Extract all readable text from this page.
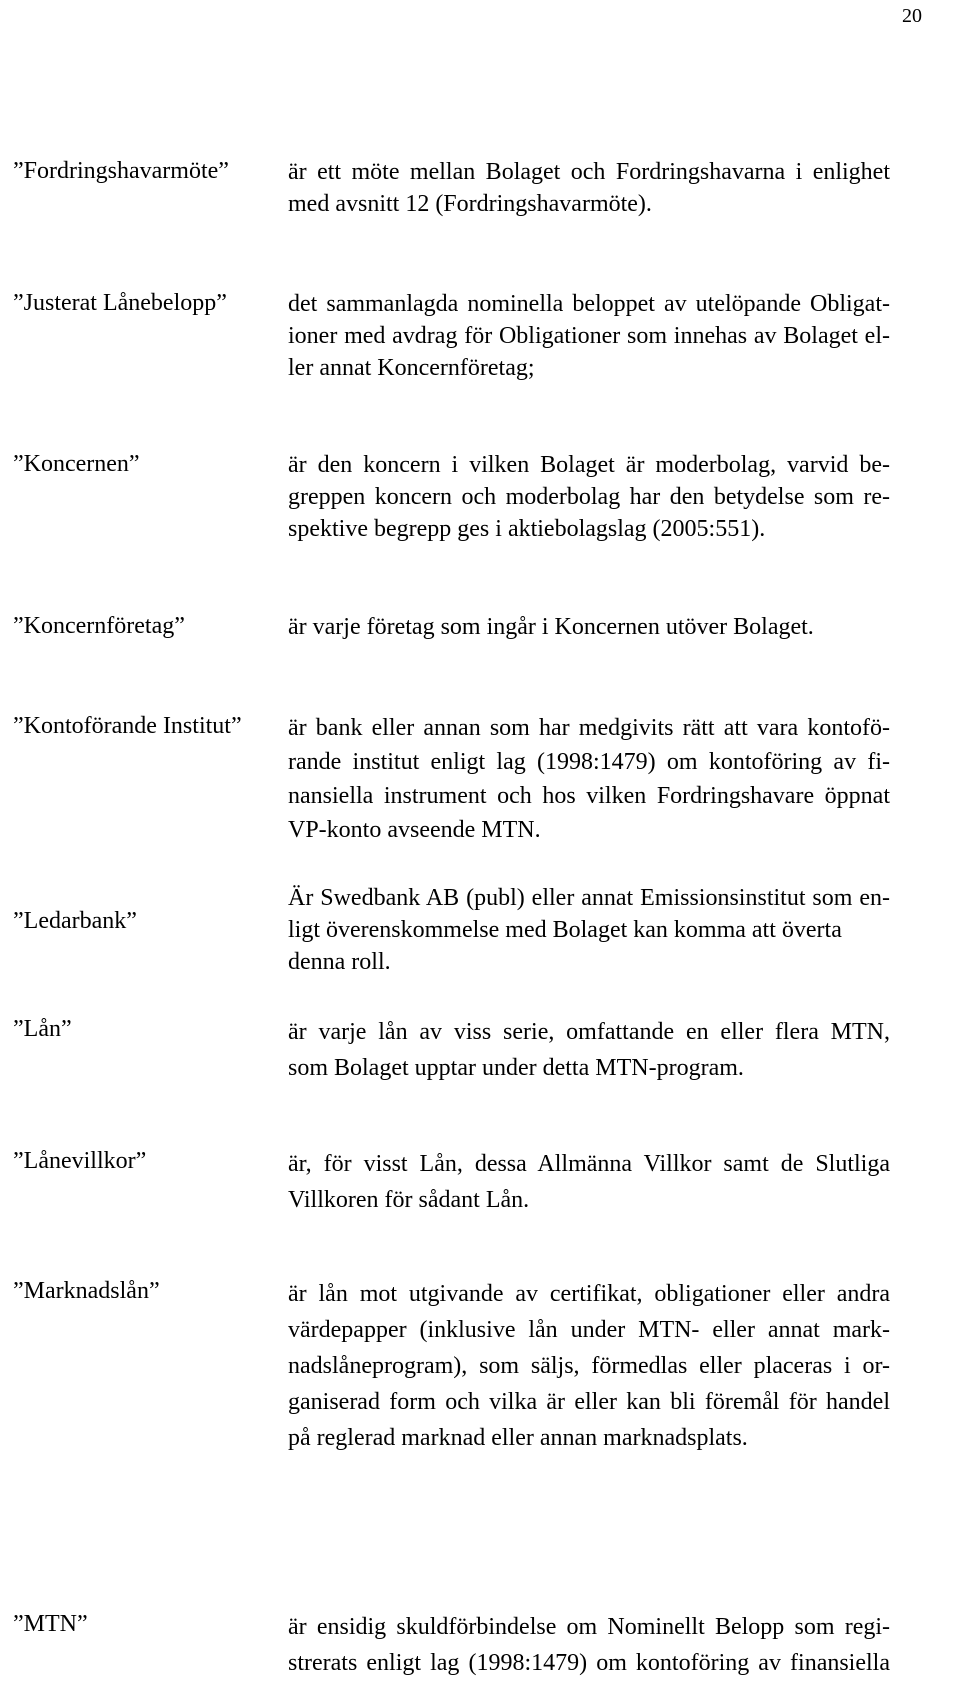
20
”Fordringshavarmöte” är ett möte mellan Bolaget och Fordringshavarna i enlighet
med avsnitt 12 (Fordringshavarmöte).
”Justerat Lånebelopp”	det sammanlagda nominella beloppet av utelöpande Obligat-
ioner med avdrag för Obligationer som innehas av Bolaget el-
ler annat Koncernföretag;
”Koncernen”	är den koncern i vilken Bolaget är moderbolag, varvid be-
greppen koncern och moderbolag har den betydelse som re-
spektive begrepp ges i aktiebolagslag (2005:551).
”Koncernföretag”	är varje företag som ingår i Koncernen utöver Bolaget.
”Kontoförande Institut” är bank eller annan som har medgivits rätt att vara kontofö-
rande institut enligt lag (1998:1479) om kontoföring av fi-
nansiella instrument och hos vilken Fordringshavare öppnat
VP-konto avseende MTN.
”Ledarbank”
Är Swedbank AB (publ) eller annat Emissionsinstitut som en-
ligt överenskommelse med Bolaget kan komma att överta
denna roll.
”Lån”	är varje lån av viss serie, omfattande en eller flera MTN,
som Bolaget upptar under detta MTN-program.
”Lånevillkor”	är, för visst Lån, dessa Allmänna Villkor samt de Slutliga
Villkoren för sådant Lån.
”Marknadslån”	är lån mot utgivande av certifikat, obligationer eller andra
värdepapper (inklusive lån under MTN- eller annat mark-
nadslåneprogram), som säljs, förmedlas eller placeras i or-
ganiserad form och vilka är eller kan bli föremål för handel
på reglerad marknad eller annan marknadsplats.
”MTN”	är ensidig skuldförbindelse om Nominellt Belopp som regi-
strerats enligt lag (1998:1479) om kontoföring av finansiella
